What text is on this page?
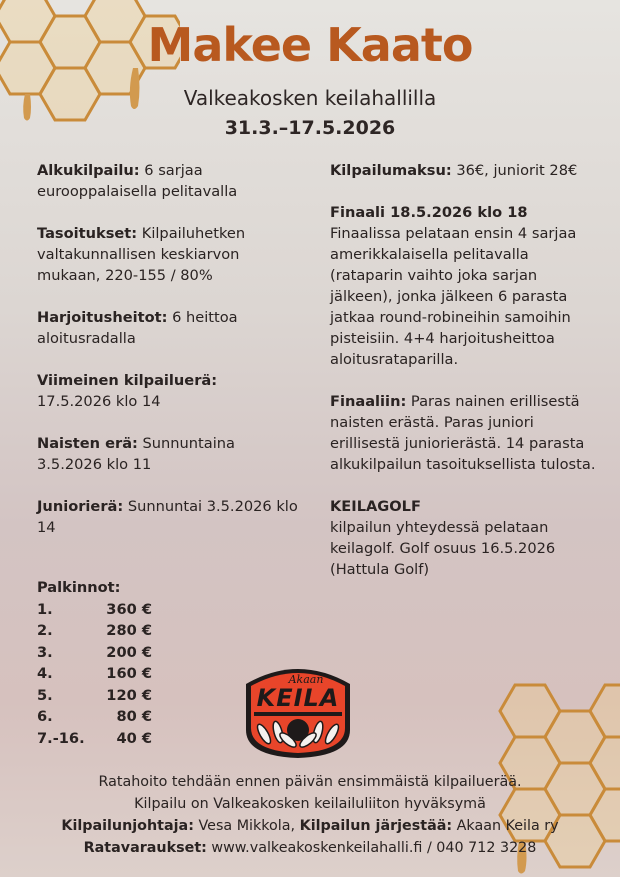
Makee Kaato
Valkeakosken keilahallilla
31.3.–17.5.2026
Alkukilpailu: 6 sarjaa eurooppalaisella pelitavalla
Tasoitukset: Kilpailuhetken valtakunnallisen keskiarvon mukaan, 220-155 / 80%
Harjoitusheitot: 6 heittoa aloitusradalla
Viimeinen kilpailuerä:
17.5.2026 klo 14
Naisten erä: Sunnuntaina 3.5.2026 klo 11
Juniorierä: Sunnuntai 3.5.2026 klo 14
Kilpailumaksu: 36€, juniorit 28€
Finaali 18.5.2026 klo 18
Finaalissa pelataan ensin 4 sarjaa amerikkalaisella pelitavalla (rataparin vaihto joka sarjan jälkeen), jonka jälkeen 6 parasta jatkaa round-robineihin samoihin pisteisiin. 4+4 harjoitusheittoa aloitusrataparilla.
Finaaliin: Paras nainen erillisestä naisten erästä. Paras juniori erillisestä juniorierästä. 14 parasta alkukilpailun tasoituksellista tulosta.
KEILAGOLF
kilpailun yhteydessä pelataan keilagolf. Golf osuus 16.5.2026 (Hattula Golf)
Palkinnot:
1.	360 €
2.	280 €
3.	200 €
4.	160 €
5.	120 €
6.	80 €
7.-16.	40 €
Akaan
KEILA
Ratahoito tehdään ennen päivän ensimmäistä kilpailuerää.
Kilpailu on Valkeakosken keilailuliiton hyväksymä
Kilpailunjohtaja: Vesa Mikkola, Kilpailun järjestää: Akaan Keila ry
Ratavaraukset: www.valkeakoskenkeilahalli.fi / 040 712 3228
